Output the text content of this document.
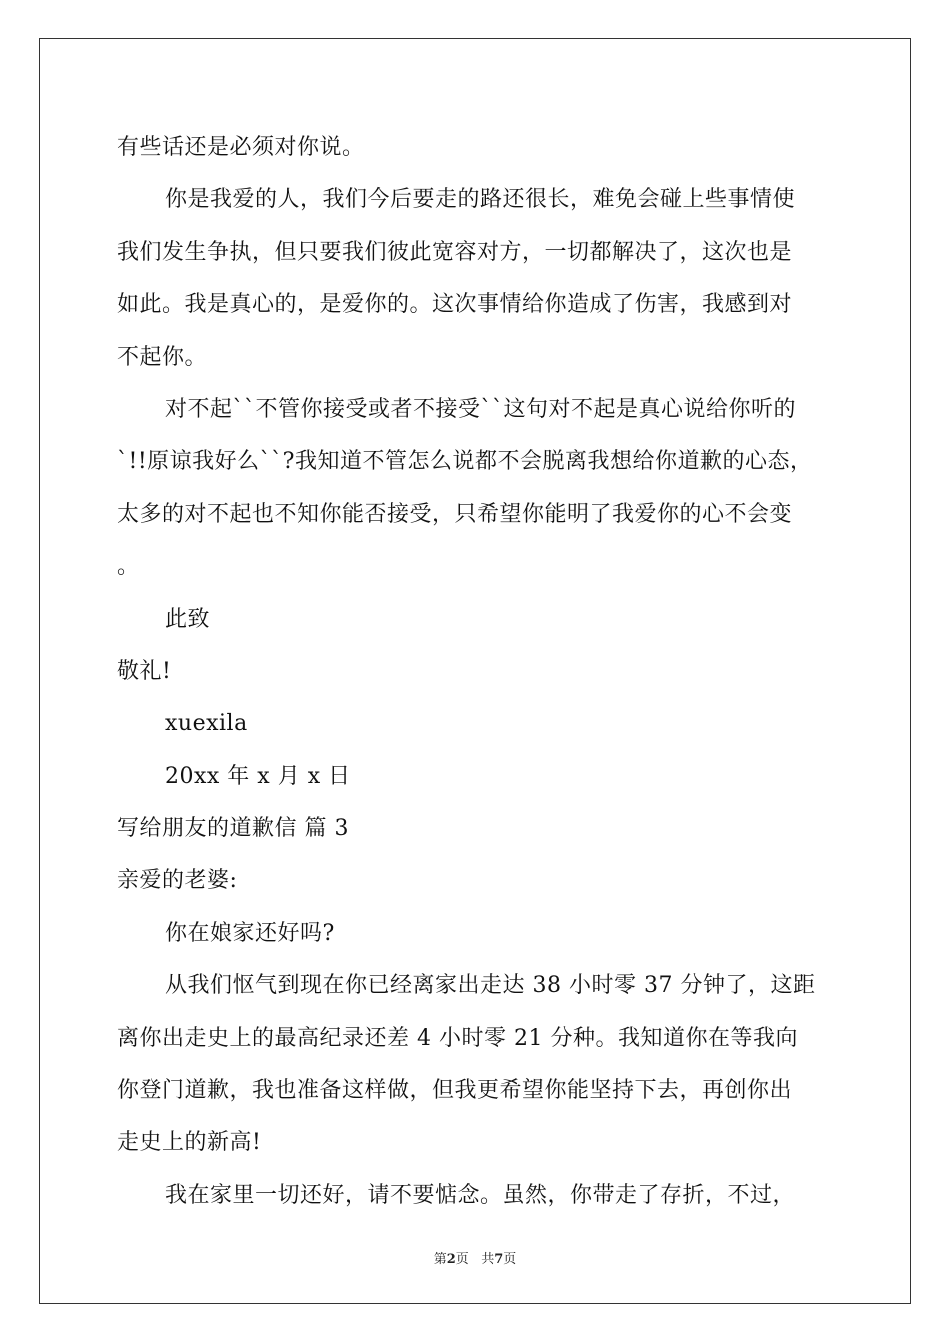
有些话还是必须对你说。
你是我爱的人，我们今后要走的路还很长，难免会碰上些事情使
我们发生争执，但只要我们彼此宽容对方，一切都解决了，这次也是
如此。我是真心的，是爱你的。这次事情给你造成了伤害，我感到对
不起你。
对不起``不管你接受或者不接受``这句对不起是真心说给你听的
`!!原谅我好么``?我知道不管怎么说都不会脱离我想给你道歉的心态，
太多的对不起也不知你能否接受，只希望你能明了我爱你的心不会变
。
此致
敬礼!
xuexila
20xx 年 x 月 x 日
写给朋友的道歉信 篇 3
亲爱的老婆:
你在娘家还好吗?
从我们怄气到现在你已经离家出走达 38 小时零 37 分钟了，这距
离你出走史上的最高纪录还差 4 小时零 21 分种。我知道你在等我向
你登门道歉，我也准备这样做，但我更希望你能坚持下去，再创你出
走史上的新高!
我在家里一切还好，请不要惦念。虽然，你带走了存折，不过，
第2页 共7页
